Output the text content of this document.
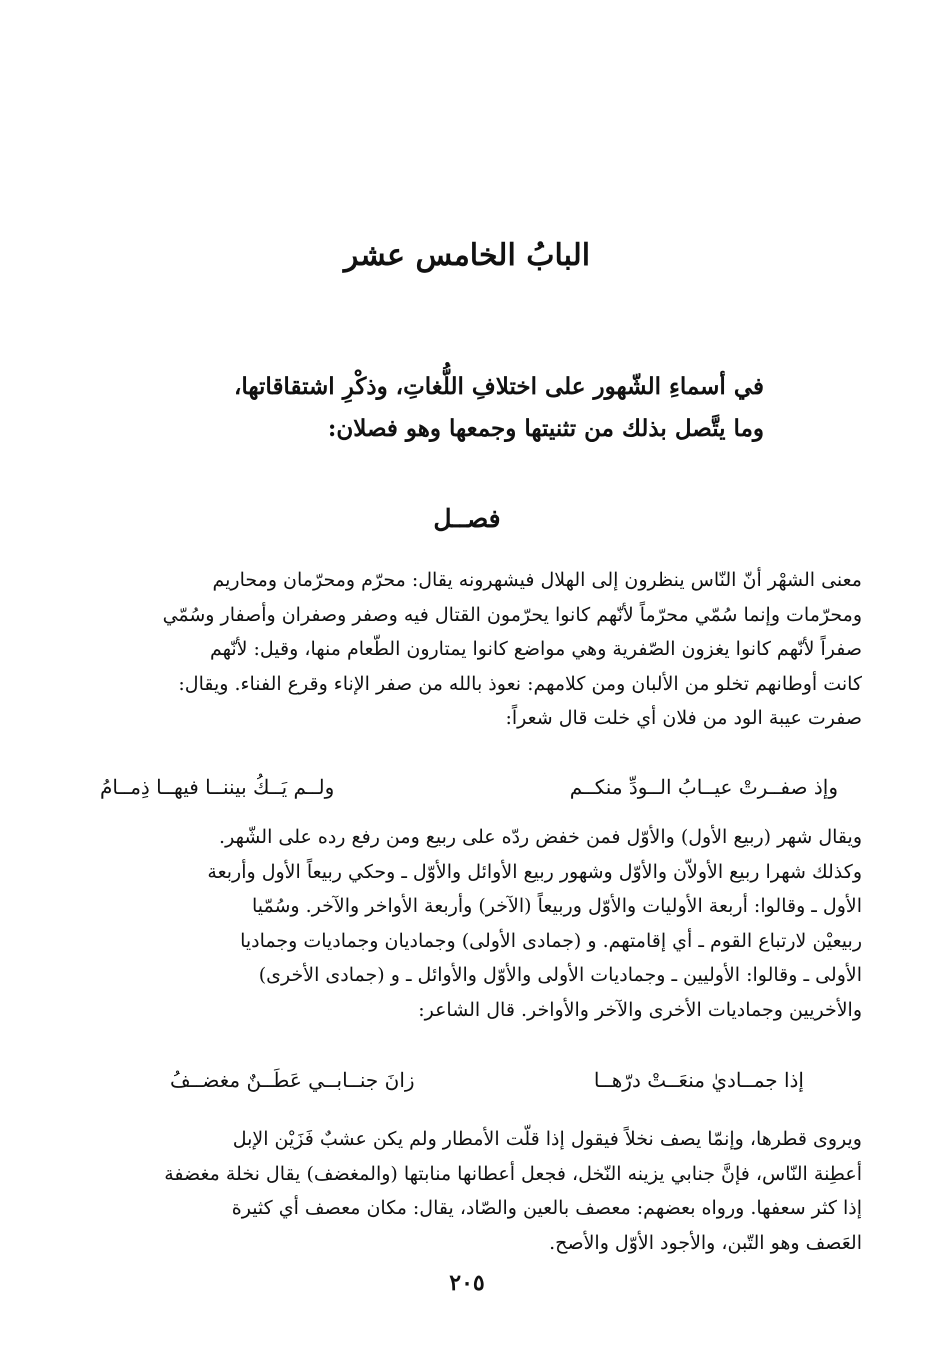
البابُ الخامس عشر
في أسماءِ الشّهور على اختلافِ اللُّغاتِ، وذكْرِ اشتقاقاتها،
وما يتَّصل بذلك من تثنيتها وجمعها وهو فصلان:
فصــل

معنى الشهْر أنّ النّاس ينظرون إلى الهلال فيشهرونه يقال: محرّم ومحرّمان ومحاريم
ومحرّمات وإنما سُمّي محرّماً لأنّهم كانوا يحرّمون القتال فيه وصفر وصفران وأصفار وسُمّي
صفراً لأنّهم كانوا يغزون الصّفرية وهي مواضع كانوا يمتارون الطّعام منها، وقيل: لأنّهم
كانت أوطانهم تخلو من الألبان ومن كلامهم: نعوذ بالله من صفر الإناء وقرع الفناء. ويقال:
صفرت عيبة الود من فلان أي خلت قال شعراً:

وإذ صفــرتْ عيــابُ الــودِّ منكــم
ولــم يَــكُ بيننــا فيهــا ذِمــامُ

ويقال شهر (ربيع الأول) والأوّل فمن خفض ردّه على ربيع ومن رفع رده على الشّهر.
وكذلك شهرا ربيع الأولاّن والأوّل وشهور ربيع الأوائل والأوّل ـ وحكي ربيعاً الأول وأربعة
الأول ـ وقالوا: أربعة الأوليات والأوّل وربيعاً (الآخر) وأربعة الأواخر والآخر. وسُمّيا
ربيعيْن لارتباع القوم ـ أي إقامتهم. و (جمادى الأولى) وجماديان وجماديات وجماديا
الأولى ـ وقالوا: الأوليين ـ وجماديات الأولى والأوّل والأوائل ـ و (جمادى الأخرى)
والأخريين وجماديات الأخرى والآخر والأواخر. قال الشاعر:

إذا جمــاديٰ منعَــتْ درّهــا
زانَ جنــابــي عَطَــنٌ مغضــفُ

ويروى قطرها، وإنمّا يصف نخلاً فيقول إذا قلّت الأمطار ولم يكن عشبٌ فَزَيْن الإبل
أعطِنة النّاس، فإنَّ جنابي يزينه النّخل، فجعل أعطانها منابتها (والمغضف) يقال نخلة مغضفة
إذا كثر سعفها. ورواه بعضهم: معصف بالعين والصّاد، يقال: مكان معصف أي كثيرة
العَصف وهو التّبن، والأجود الأوّل والأصح.

٢٠٥
